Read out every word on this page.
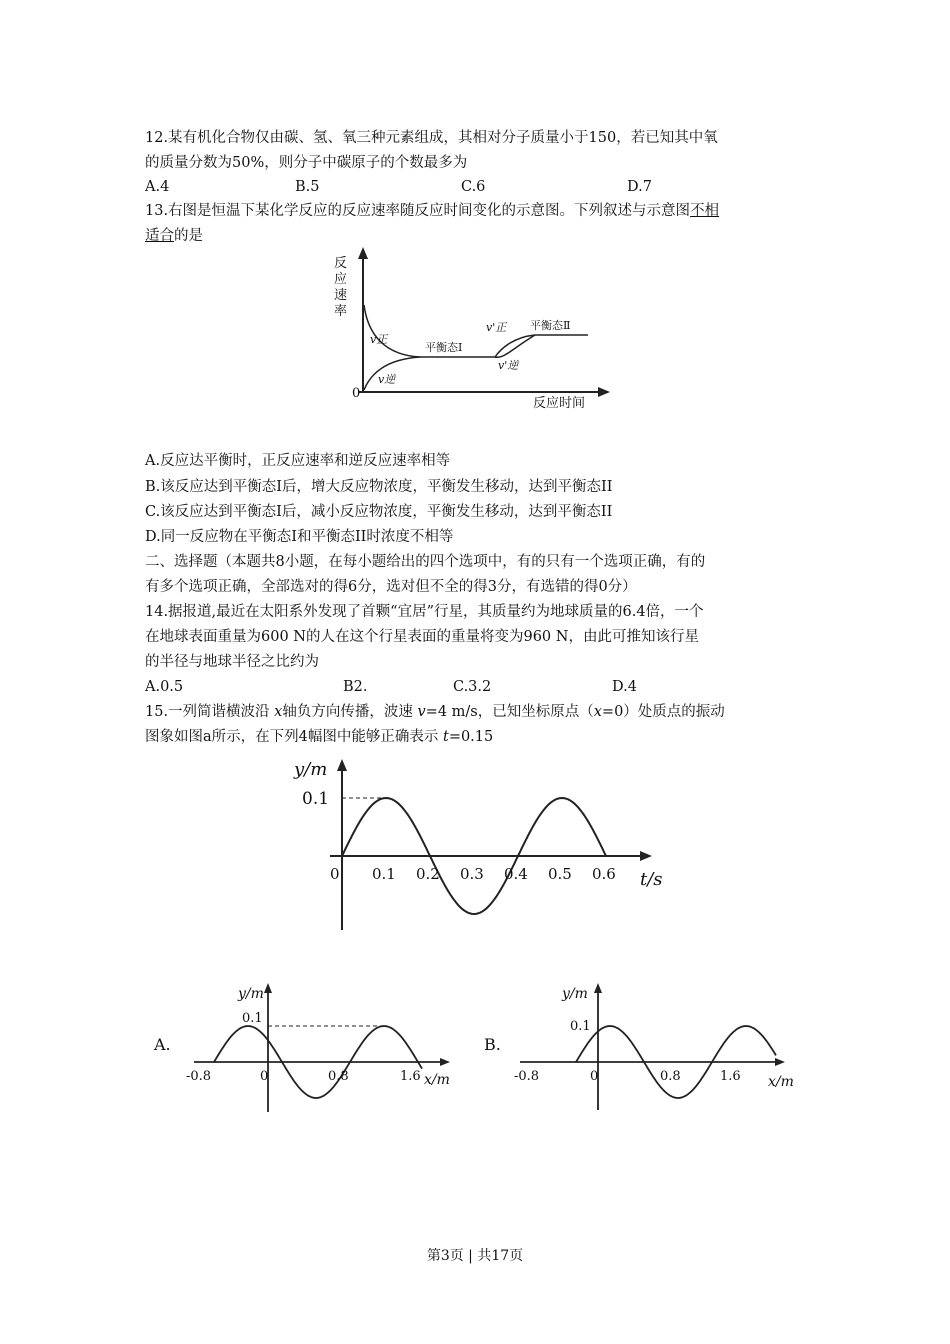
12.某有机化合物仅由碳、氢、氧三种元素组成，其相对分子质量小于150，若已知其中氧
的质量分数为50%，则分子中碳原子的个数最多为
A.4	B.5	C.6	D.7
13.右图是恒温下某化学反应的反应速率随反应时间变化的示意图。下列叙述与示意图不相
适合的是
反
应
速
率
0
反应时间
v正
v逆
v'正
v'逆
平衡态Ⅰ
平衡态Ⅱ
A.反应达平衡时，正反应速率和逆反应速率相等
B.该反应达到平衡态I后，增大反应物浓度，平衡发生移动，达到平衡态II
C.该反应达到平衡态I后，减小反应物浓度，平衡发生移动，达到平衡态II
D.同一反应物在平衡态I和平衡态II时浓度不相等
二、选择题（本题共8小题，在每小题给出的四个选项中，有的只有一个选项正确，有的
有多个选项正确，全部选对的得6分，选对但不全的得3分，有选错的得0分）
14.据报道,最近在太阳系外发现了首颗“宜居”行星，其质量约为地球质量的6.4倍，一个
在地球表面重量为600 N的人在这个行星表面的重量将变为960 N，由此可推知该行星
的半径与地球半径之比约为
A.0.5	B2.	C.3.2	D.4
15.一列简谐横波沿 x轴负方向传播，波速 v=4 m/s，已知坐标原点（x=0）处质点的振动
图象如图a所示，在下列4幅图中能够正确表示 t=0.15
y/m
0.1
0 0.1 0.2 0.3 0.4 0.5 0.6 t/s
A.
y/m
0.1
-0.8	0	0.8	1.6 x/m
B.
y/m
0.1
-0.8	0	0.8	1.6 x/m
第3页 | 共17页
